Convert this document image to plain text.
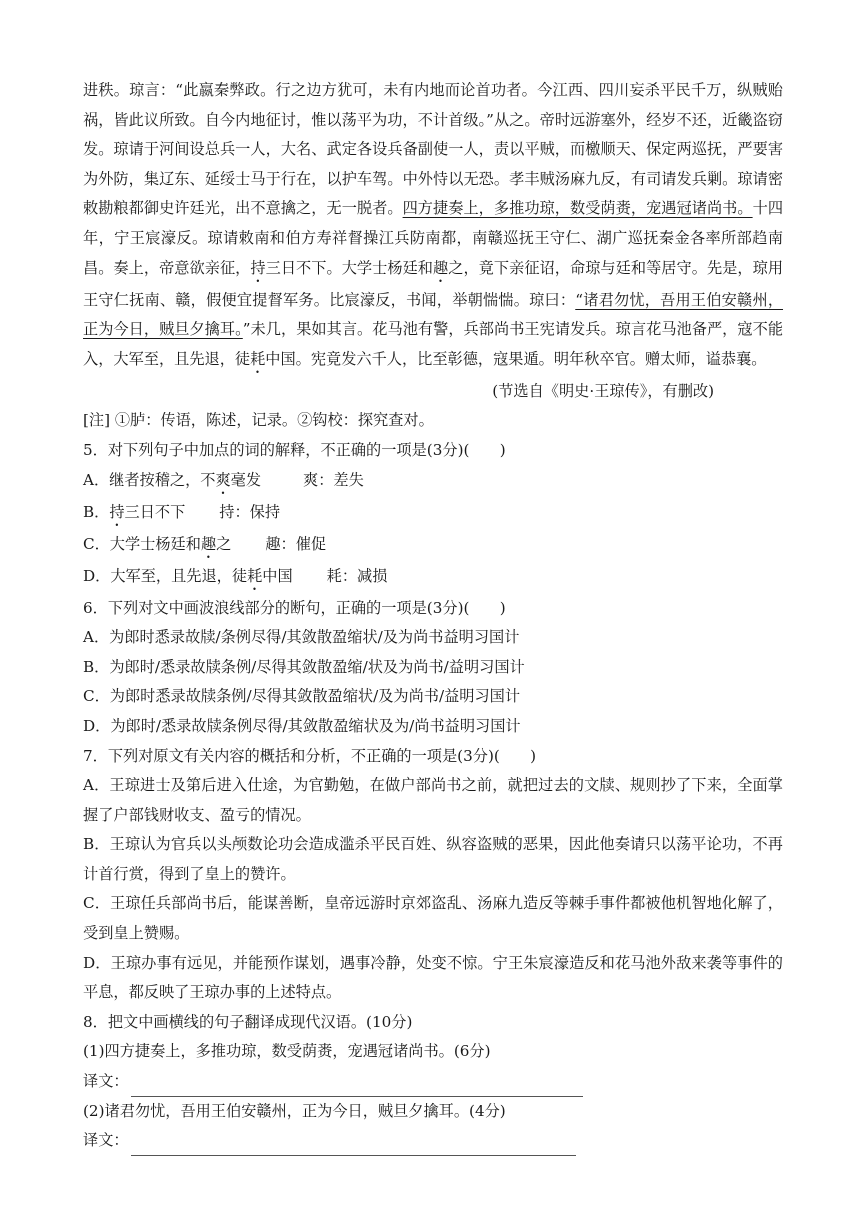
进秩。琼言：“此嬴秦弊政。行之边方犹可，未有内地而论首功者。今江西、四川妄杀平民千万，纵贼贻祸，皆此议所致。自今内地征讨，惟以荡平为功，不计首级。”从之。帝时远游塞外，经岁不还，近畿盗窃发。琼请于河间设总兵一人，大名、武定各设兵备副使一人，责以平贼，而檄顺天、保定两巡抚，严要害为外防，集辽东、延绥士马于行在，以护车驾。中外恃以无恐。孝丰贼汤麻九反，有司请发兵剿。琼请密敕勘粮都御史许廷光，出不意擒之，无一脱者。四方捷奏上，多推功琼，数受荫赉，宠遇冠诸尚书。十四年，宁王宸濠反。琼请敕南和伯方寿祥督操江兵防南都，南赣巡抚王守仁、湖广巡抚秦金各率所部趋南昌。奏上，帝意欲亲征，持三日不下。大学士杨廷和趣之，竟下亲征诏，命琼与廷和等居守。先是，琼用王守仁抚南、赣，假便宜提督军务。比宸濠反，书闻，举朝惴惴。琼曰：“诸君勿忧，吾用王伯安赣州，正为今日，贼旦夕擒耳。”未几，果如其言。花马池有警，兵部尚书王宪请发兵。琼言花马池备严，寇不能入，大军至，且先退，徒耗中国。宪竟发六千人，比至彰德，寇果遁。明年秋卒官。赠太师，谥恭襄。

(节选自《明史·王琼传》，有删改)

[注] ①胪：传语，陈述，记录。②钩校：探究查对。

5．对下列句子中加点的词的解释，不正确的一项是(3分)(　　)

A．继者按稽之，不爽毫发	爽：差失

B．持三日不下 持：保持

C．大学士杨廷和趣之 趣：催促

D．大军至，且先退，徒耗中国 耗：减损

6．下列对文中画波浪线部分的断句，正确的一项是(3分)(　　)

A．为郎时悉录故牍/条例尽得/其敛散盈缩状/及为尚书益明习国计

B．为郎时/悉录故牍条例/尽得其敛散盈缩/状及为尚书/益明习国计

C．为郎时悉录故牍条例/尽得其敛散盈缩状/及为尚书/益明习国计

D．为郎时/悉录故牍条例尽得/其敛散盈缩状及为/尚书益明习国计

7．下列对原文有关内容的概括和分析，不正确的一项是(3分)(　　)

A．王琼进士及第后进入仕途，为官勤勉，在做户部尚书之前，就把过去的文牍、规则抄了下来，全面掌握了户部钱财收支、盈亏的情况。

B．王琼认为官兵以头颅数论功会造成滥杀平民百姓、纵容盗贼的恶果，因此他奏请只以荡平论功，不再计首行赏，得到了皇上的赞许。

C．王琼任兵部尚书后，能谋善断，皇帝远游时京郊盗乱、汤麻九造反等棘手事件都被他机智地化解了，受到皇上赞赐。

D．王琼办事有远见，并能预作谋划，遇事冷静，处变不惊。宁王朱宸濠造反和花马池外敌来袭等事件的平息，都反映了王琼办事的上述特点。

8．把文中画横线的句子翻译成现代汉语。(10分)

(1)四方捷奏上，多推功琼，数受荫赉，宠遇冠诸尚书。(6分)

译文：

(2)诸君勿忧，吾用王伯安赣州，正为今日，贼旦夕擒耳。(4分)

译文：
